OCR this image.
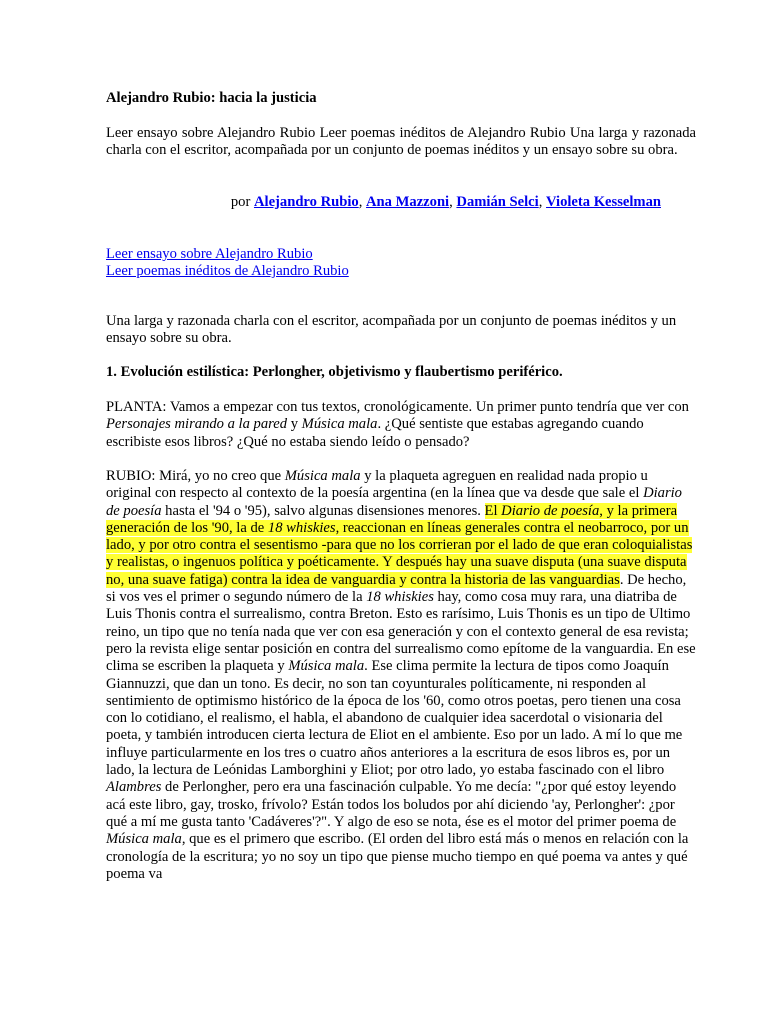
Alejandro Rubio: hacia la justicia

Leer ensayo sobre Alejandro Rubio Leer poemas inéditos de Alejandro Rubio Una larga y razonada charla con el escritor, acompañada por un conjunto de poemas inéditos y un ensayo sobre su obra.

por Alejandro Rubio, Ana Mazzoni, Damián Selci, Violeta Kesselman

Leer ensayo sobre Alejandro Rubio
Leer poemas inéditos de Alejandro Rubio

Una larga y razonada charla con el escritor, acompañada por un conjunto de poemas inéditos y un ensayo sobre su obra.

1. Evolución estilística: Perlongher, objetivismo y flaubertismo periférico.

PLANTA: Vamos a empezar con tus textos, cronológicamente. Un primer punto tendría que ver con Personajes mirando a la pared y Música mala. ¿Qué sentiste que estabas agregando cuando escribiste esos libros? ¿Qué no estaba siendo leído o pensado?

RUBIO: Mirá, yo no creo que Música mala y la plaqueta agreguen en realidad nada propio u original con respecto al contexto de la poesía argentina (en la línea que va desde que sale el Diario de poesía hasta el '94 o '95), salvo algunas disensiones menores. El Diario de poesía, y la primera generación de los '90, la de 18 whiskies, reaccionan en líneas generales contra el neobarroco, por un lado, y por otro contra el sesentismo -para que no los corrieran por el lado de que eran coloquialistas y realistas, o ingenuos política y poéticamente. Y después hay una suave disputa (una suave disputa no, una suave fatiga) contra la idea de vanguardia y contra la historia de las vanguardias. De hecho, si vos ves el primer o segundo número de la 18 whiskies hay, como cosa muy rara, una diatriba de Luis Thonis contra el surrealismo, contra Breton. Esto es rarísimo, Luis Thonis es un tipo de Ultimo reino, un tipo que no tenía nada que ver con esa generación y con el contexto general de esa revista; pero la revista elige sentar posición en contra del surrealismo como epítome de la vanguardia. En ese clima se escriben la plaqueta y Música mala. Ese clima permite la lectura de tipos como Joaquín Giannuzzi, que dan un tono. Es decir, no son tan coyunturales políticamente, ni responden al sentimiento de optimismo histórico de la época de los '60, como otros poetas, pero tienen una cosa con lo cotidiano, el realismo, el habla, el abandono de cualquier idea sacerdotal o visionaria del poeta, y también introducen cierta lectura de Eliot en el ambiente. Eso por un lado. A mí lo que me influye particularmente en los tres o cuatro años anteriores a la escritura de esos libros es, por un lado, la lectura de Leónidas Lamborghini y Eliot; por otro lado, yo estaba fascinado con el libro Alambres de Perlongher, pero era una fascinación culpable. Yo me decía: "¿por qué estoy leyendo acá este libro, gay, trosko, frívolo? Están todos los boludos por ahí diciendo 'ay, Perlongher': ¿por qué a mí me gusta tanto 'Cadáveres'?". Y algo de eso se nota, ése es el motor del primer poema de Música mala, que es el primero que escribo. (El orden del libro está más o menos en relación con la cronología de la escritura; yo no soy un tipo que piense mucho tiempo en qué poema va antes y qué poema va
